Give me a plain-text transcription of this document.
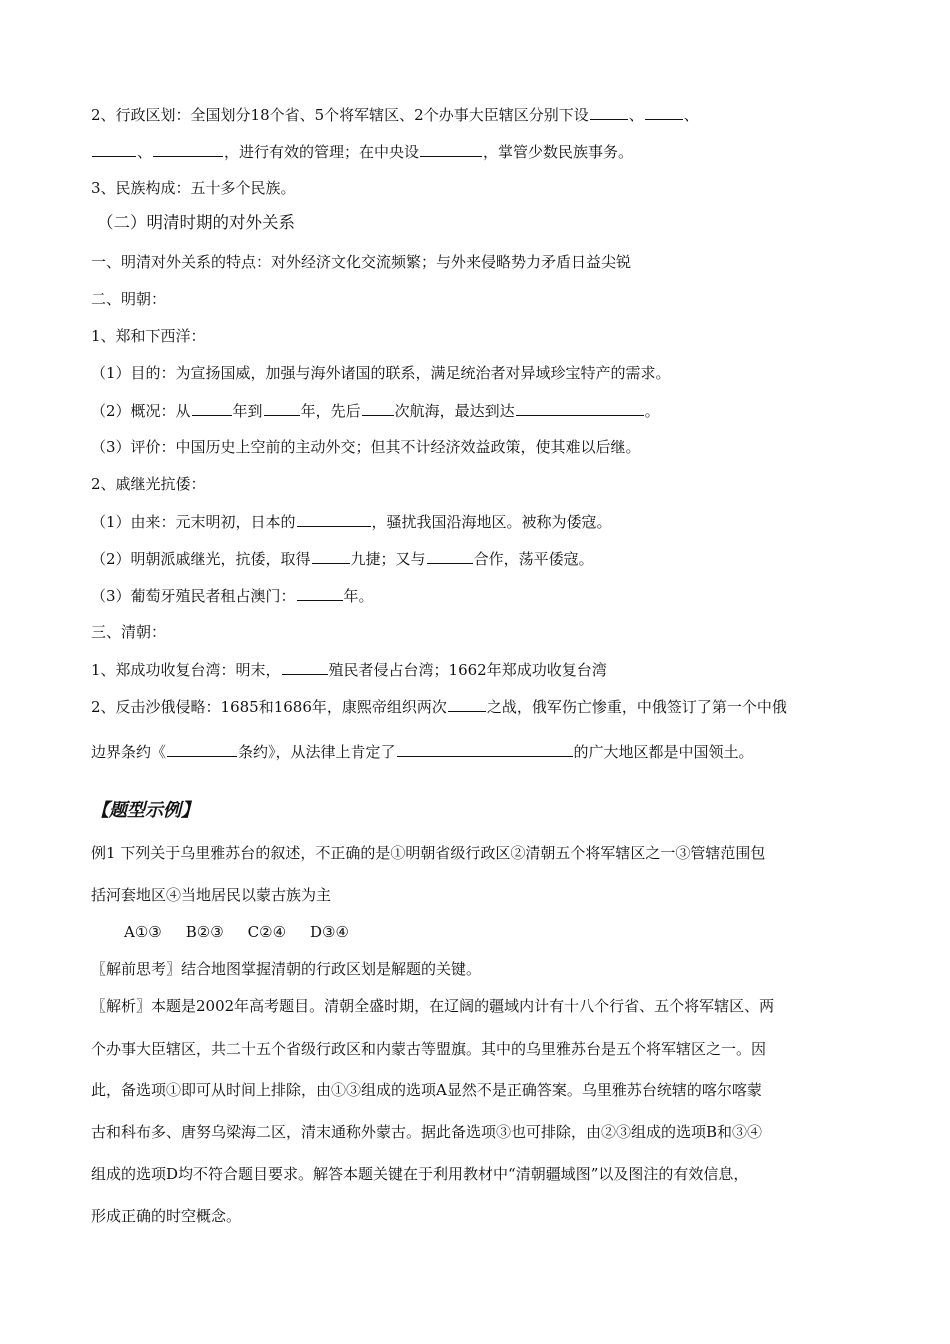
2、行政区划：全国划分18个省、5个将军辖区、2个办事大臣辖区分别下设	、	、
、	，进行有效的管理；在中央设	，掌管少数民族事务。
3、民族构成：五十多个民族。
（二）明清时期的对外关系
一、明清对外关系的特点：对外经济文化交流频繁；与外来侵略势力矛盾日益尖锐
二、明朝：
1、郑和下西洋：
（1）目的：为宣扬国威，加强与海外诸国的联系，满足统治者对异域珍宝特产的需求。
（2）概况：从	年到	年，先后 次航海，最达到达	。
（3）评价：中国历史上空前的主动外交；但其不计经济效益政策，使其难以后继。
2、戚继光抗倭：
（1）由来：元末明初，日本的	，骚扰我国沿海地区。被称为倭寇。
（2）明朝派戚继光，抗倭，取得	九捷；又与	合作，荡平倭寇。
（3）葡萄牙殖民者租占澳门：	年。
三、清朝：
1、郑成功收复台湾：明末，	殖民者侵占台湾；1662年郑成功收复台湾
2、反击沙俄侵略：1685和1686年，康熙帝组织两次	之战，俄军伤亡惨重，中俄签订了第一个中俄
边界条约《	条约》，从法律上肯定了	的广大地区都是中国领土。
【题型示例】
例1 下列关于乌里雅苏台的叙述，不正确的是①明朝省级行政区②清朝五个将军辖区之一③管辖范围包
括河套地区④当地居民以蒙古族为主
A①③ B②③ C②④ D③④
〖解前思考〗结合地图掌握清朝的行政区划是解题的关键。
〖解析〗本题是2002年高考题目。清朝全盛时期，在辽阔的疆域内计有十八个行省、五个将军辖区、两
个办事大臣辖区，共二十五个省级行政区和内蒙古等盟旗。其中的乌里雅苏台是五个将军辖区之一。因
此，备选项①即可从时间上排除，由①③组成的选项A显然不是正确答案。乌里雅苏台统辖的喀尔喀蒙
古和科布多、唐努乌梁海二区，清末通称外蒙古。据此备选项③也可排除，由②③组成的选项B和③④
组成的选项D均不符合题目要求。解答本题关键在于利用教材中“清朝疆域图”以及图注的有效信息，
形成正确的时空概念。
